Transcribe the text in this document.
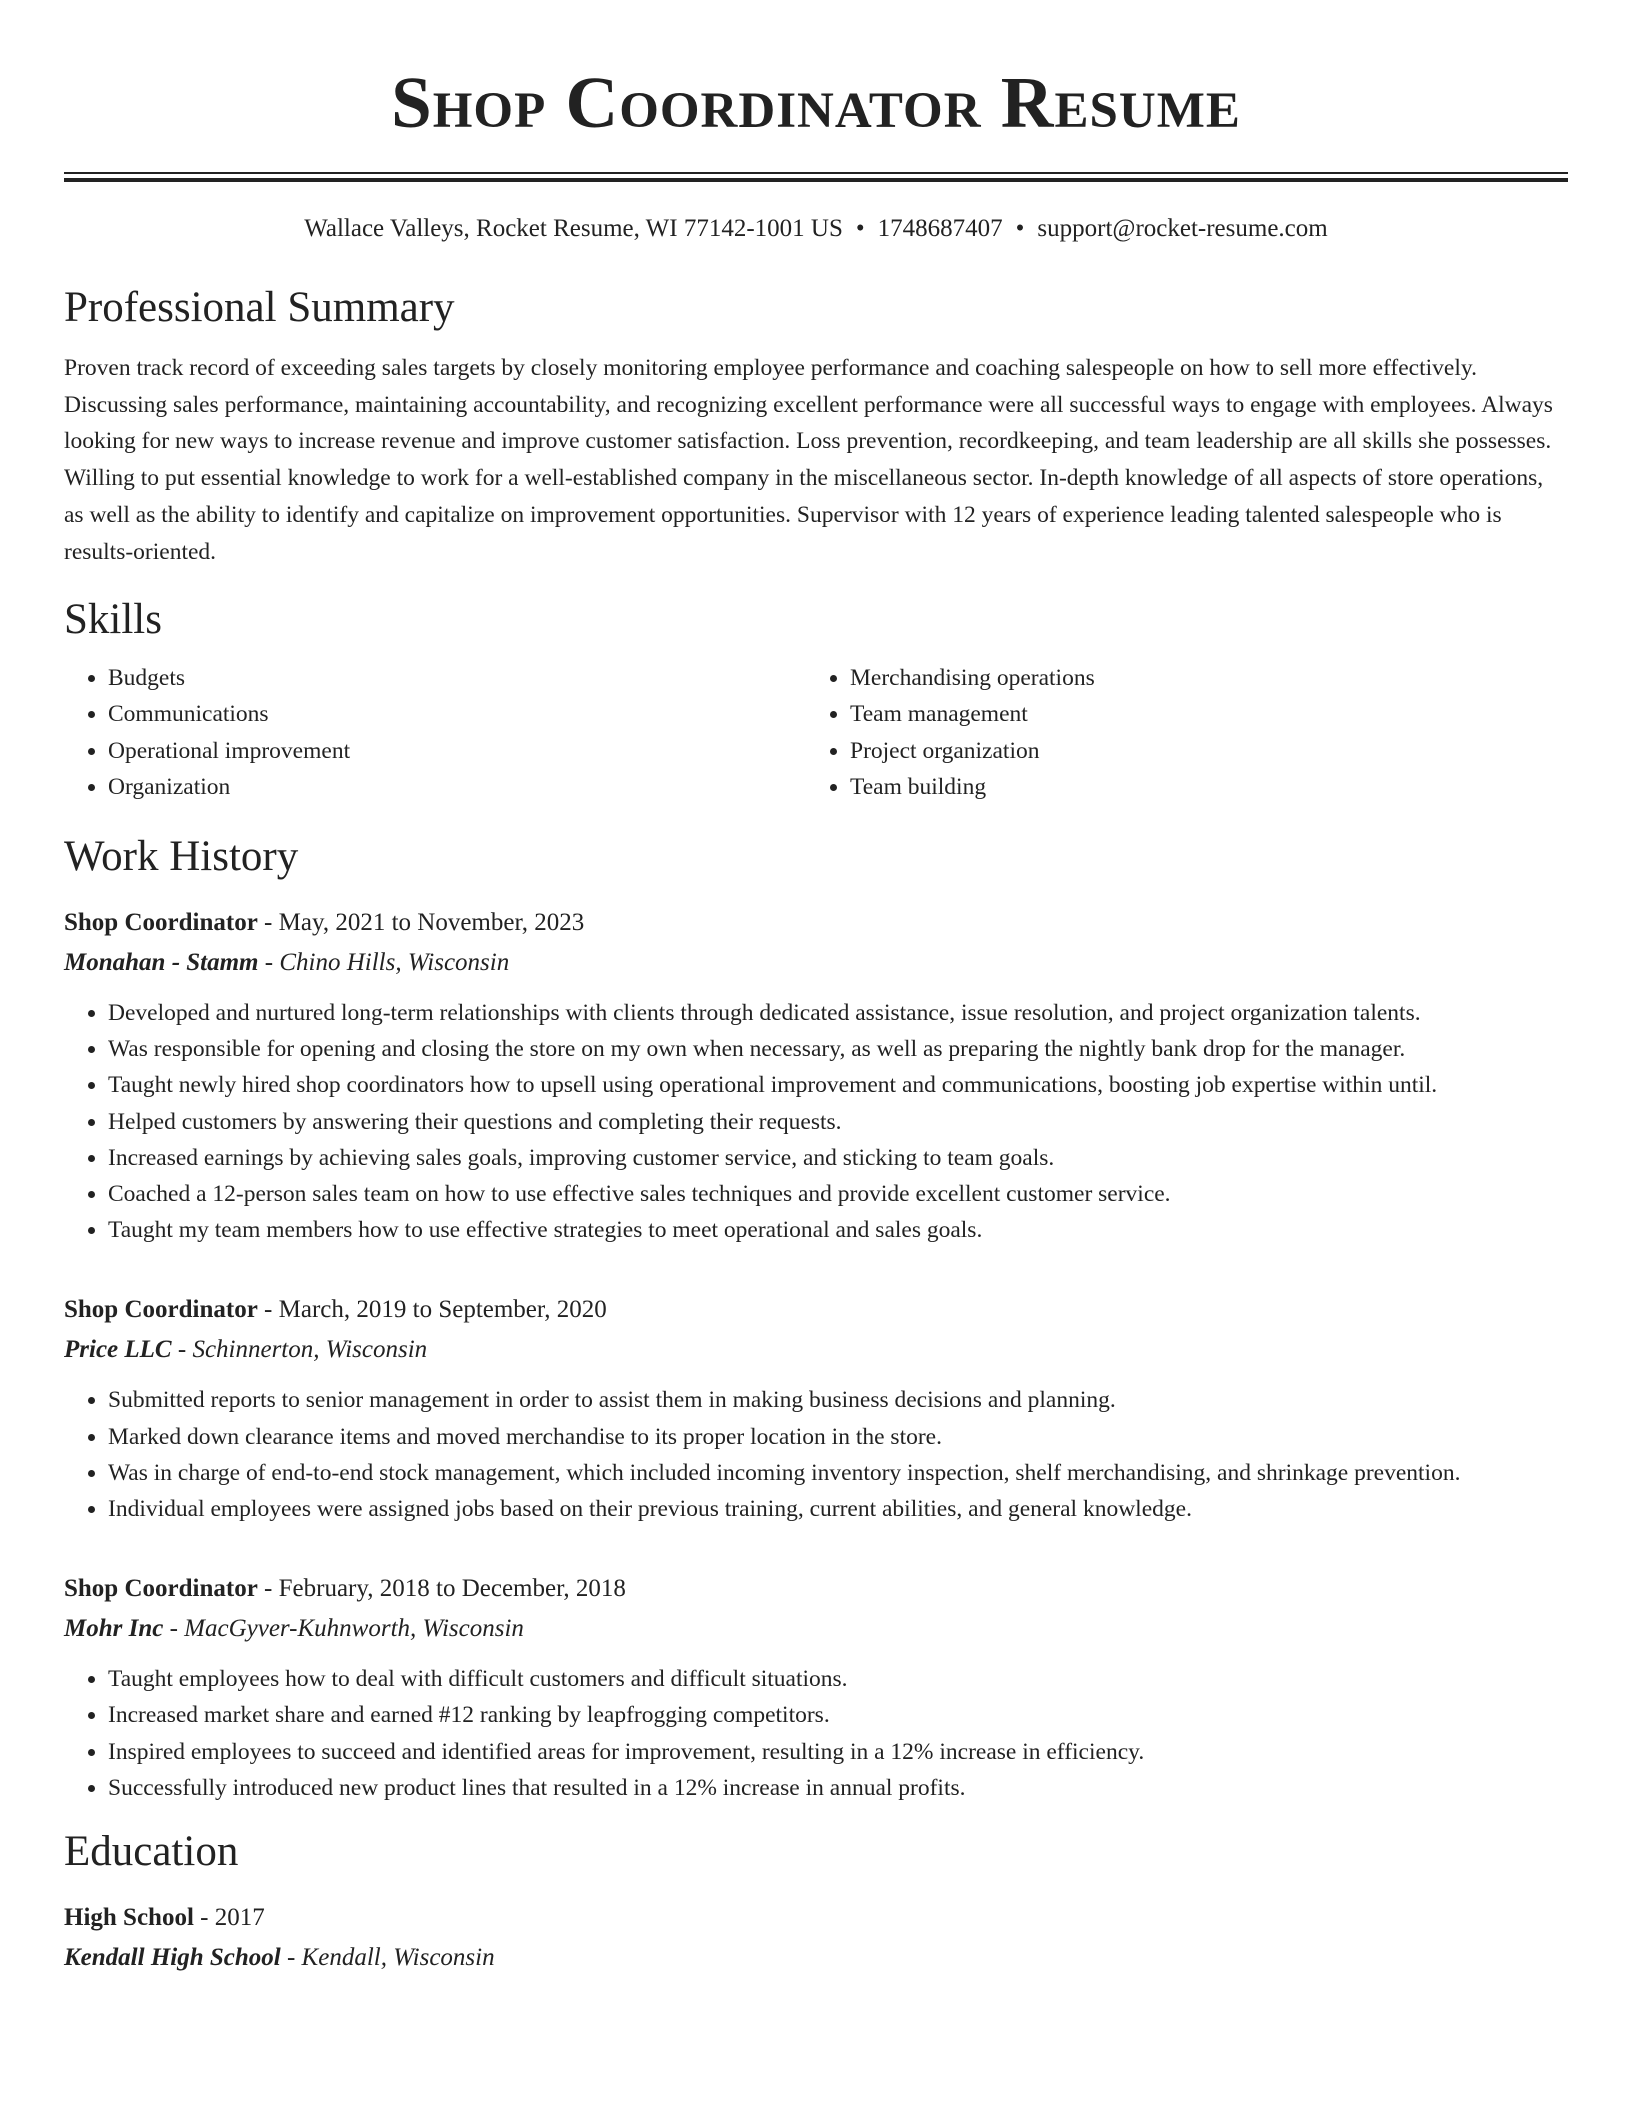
Shop Coordinator Resume
Wallace Valleys, Rocket Resume, WI 77142-1001 US • 1748687407 • support@rocket-resume.com
Professional Summary

Proven track record of exceeding sales targets by closely monitoring employee performance and coaching salespeople on how to sell more effectively. Discussing sales performance, maintaining accountability, and recognizing excellent performance were all successful ways to engage with employees. Always looking for new ways to increase revenue and improve customer satisfaction. Loss prevention, recordkeeping, and team leadership are all skills she possesses. Willing to put essential knowledge to work for a well-established company in the miscellaneous sector. In-depth knowledge of all aspects of store operations, as well as the ability to identify and capitalize on improvement opportunities. Supervisor with 12 years of experience leading talented salespeople who is results-oriented.

Skills
• Budgets
• Communications
• Operational improvement
• Organization
• Merchandising operations
• Team management
• Project organization
• Team building
Work History
Shop Coordinator - May, 2021 to November, 2023
Monahan - Stamm - Chino Hills, Wisconsin
• Developed and nurtured long-term relationships with clients through dedicated assistance, issue resolution, and project organization talents.
• Was responsible for opening and closing the store on my own when necessary, as well as preparing the nightly bank drop for the manager.
• Taught newly hired shop coordinators how to upsell using operational improvement and communications, boosting job expertise within until.
• Helped customers by answering their questions and completing their requests.
• Increased earnings by achieving sales goals, improving customer service, and sticking to team goals.
• Coached a 12-person sales team on how to use effective sales techniques and provide excellent customer service.
• Taught my team members how to use effective strategies to meet operational and sales goals.
Shop Coordinator - March, 2019 to September, 2020
Price LLC - Schinnerton, Wisconsin
• Submitted reports to senior management in order to assist them in making business decisions and planning.
• Marked down clearance items and moved merchandise to its proper location in the store.
• Was in charge of end-to-end stock management, which included incoming inventory inspection, shelf merchandising, and shrinkage prevention.
• Individual employees were assigned jobs based on their previous training, current abilities, and general knowledge.
Shop Coordinator - February, 2018 to December, 2018
Mohr Inc - MacGyver-Kuhnworth, Wisconsin
• Taught employees how to deal with difficult customers and difficult situations.
• Increased market share and earned #12 ranking by leapfrogging competitors.
• Inspired employees to succeed and identified areas for improvement, resulting in a 12% increase in efficiency.
• Successfully introduced new product lines that resulted in a 12% increase in annual profits.
Education
High School - 2017
Kendall High School - Kendall, Wisconsin
